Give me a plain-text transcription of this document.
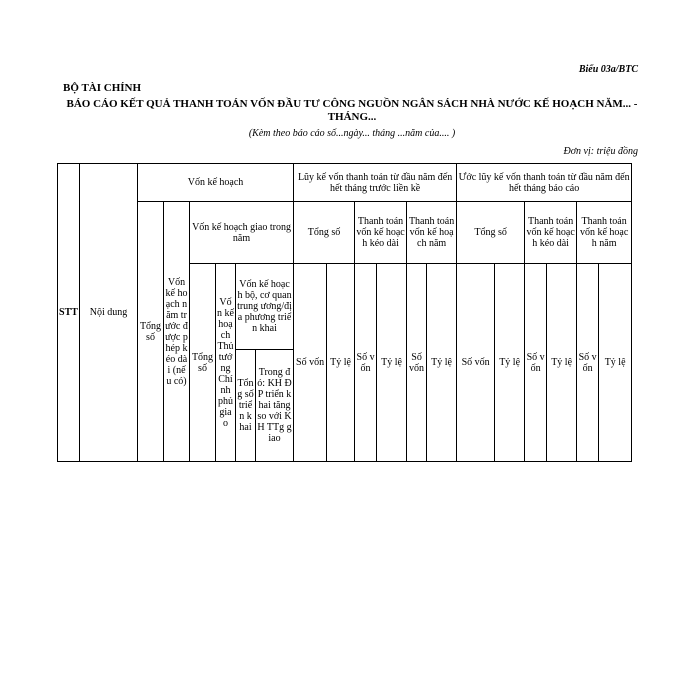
Biểu 03a/BTC
BỘ TÀI CHÍNH
BÁO CÁO KẾT QUẢ THANH TOÁN VỐN ĐẦU TƯ CÔNG NGUỒN NGÂN SÁCH NHÀ NƯỚC KẾ HOẠCH NĂM... -
THÁNG...
(Kèm theo báo cáo số...ngày... tháng ...năm của.... )
Đơn vị: triệu đồng
STT	Nội dung	Vốn kế hoạch						Lũy kế vốn thanh toán từ đầu năm đến hết tháng trước liền kề						Ước lũy kế vốn thanh toán từ đầu năm đến hết tháng báo cáo					
		Tổng số	Vốn kế hoạch năm trước được phép kéo dài (nếu có)	Vốn kế hoạch giao trong năm				Tổng số		Thanh toán vốn kế hoạch kéo dài		Thanh toán vốn kế hoạch năm		Tổng số		Thanh toán vốn kế hoạch kéo dài		Thanh toán vốn kế hoạch năm	
				Tổng số	Vốn kế hoạch Thủ tướng Chính phủ giao	Vốn kế hoạch bộ, cơ quan trung ương/địa phương triển khai		Số vốn	Tỷ lệ	Số vốn	Tỷ lệ	Số vốn	Tỷ lệ	Số vốn	Tỷ lệ	Số vốn	Tỷ lệ	Số vốn	Tỷ lệ
						Tổng số triển khai	Trong đó: KH ĐP triển khai tăng so với KH TTg giao												
